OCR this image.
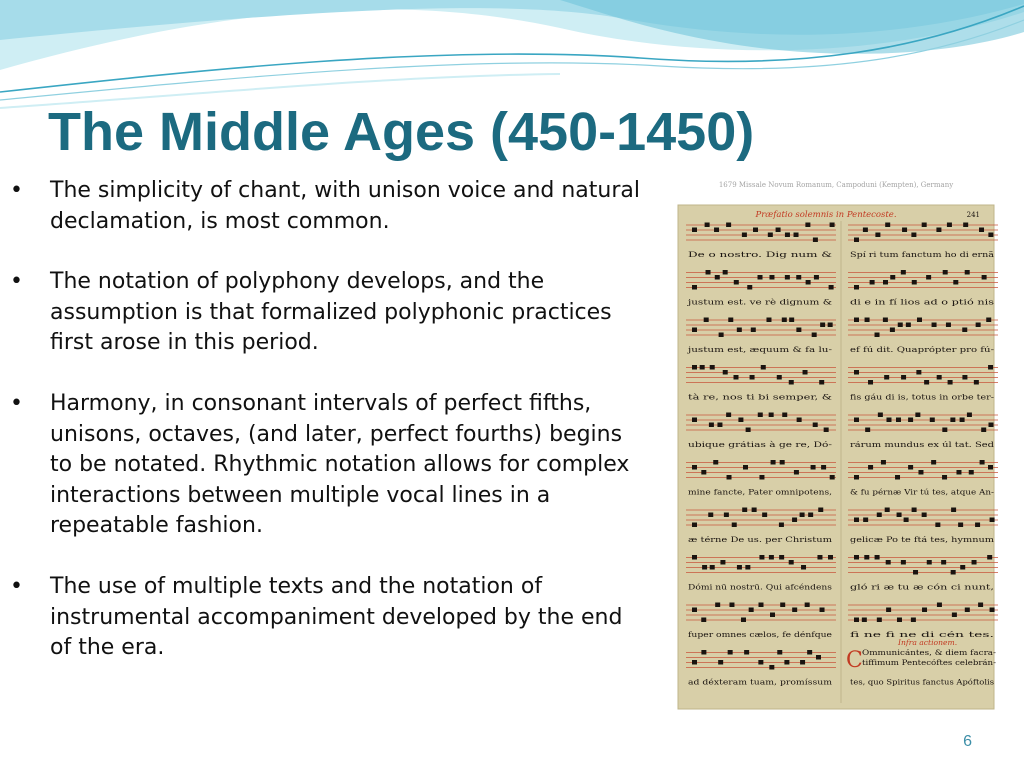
The Middle Ages (450-1450)
• The simplicity of chant, with unison voice and natural declamation, is most common.
• The notation of polyphony develops, and the assumption is that formalized polyphonic practices first arose in this period.
• Harmony, in consonant intervals of perfect fifths, unisons, octaves, (and later, perfect fourths) begins to be notated. Rhythmic notation allows for complex interactions between multiple vocal lines in a repeatable fashion.
• The use of multiple texts and the notation of instrumental accompaniment developed by the end of the era.
1679 Missale Novum Romanum, Campoduni (Kempten), Germany
Præfatio solemnis in Pentecoste.	241
De o nostro. Dig num & Spí ri tum fanctum ho di ernã
justum est. ve rè dignum & di e in fí lios ad o ptió nis
justum est, æquum & fa lu- ef fú dit. Quaprópter pro fú-
tà re, nos ti bi semper, & fis gáu di is, totus in orbe ter-
ubique grátias à ge re, Dó- rárum mundus ex úl tat. Sed
mine fancte, Pater omnipotens, & fu pérnæ Vir tú tes, atque An-
æ térne De us. per Christum gelicæ Po te ftá tes, hymnum
Dómi nū nostrū. Qui afcéndens gló ri æ tu æ cón ci nunt,
fuper omnes cælos, fe dénfque fi ne fi ne di cén tes.
ad déxteram tuam, promíssum tes, quo Spiritus fanctus Apóftolis
Infra actionem.
C Ommunicántes, & diem facra-
tiffimum Pentecóftes celebrán-
6
